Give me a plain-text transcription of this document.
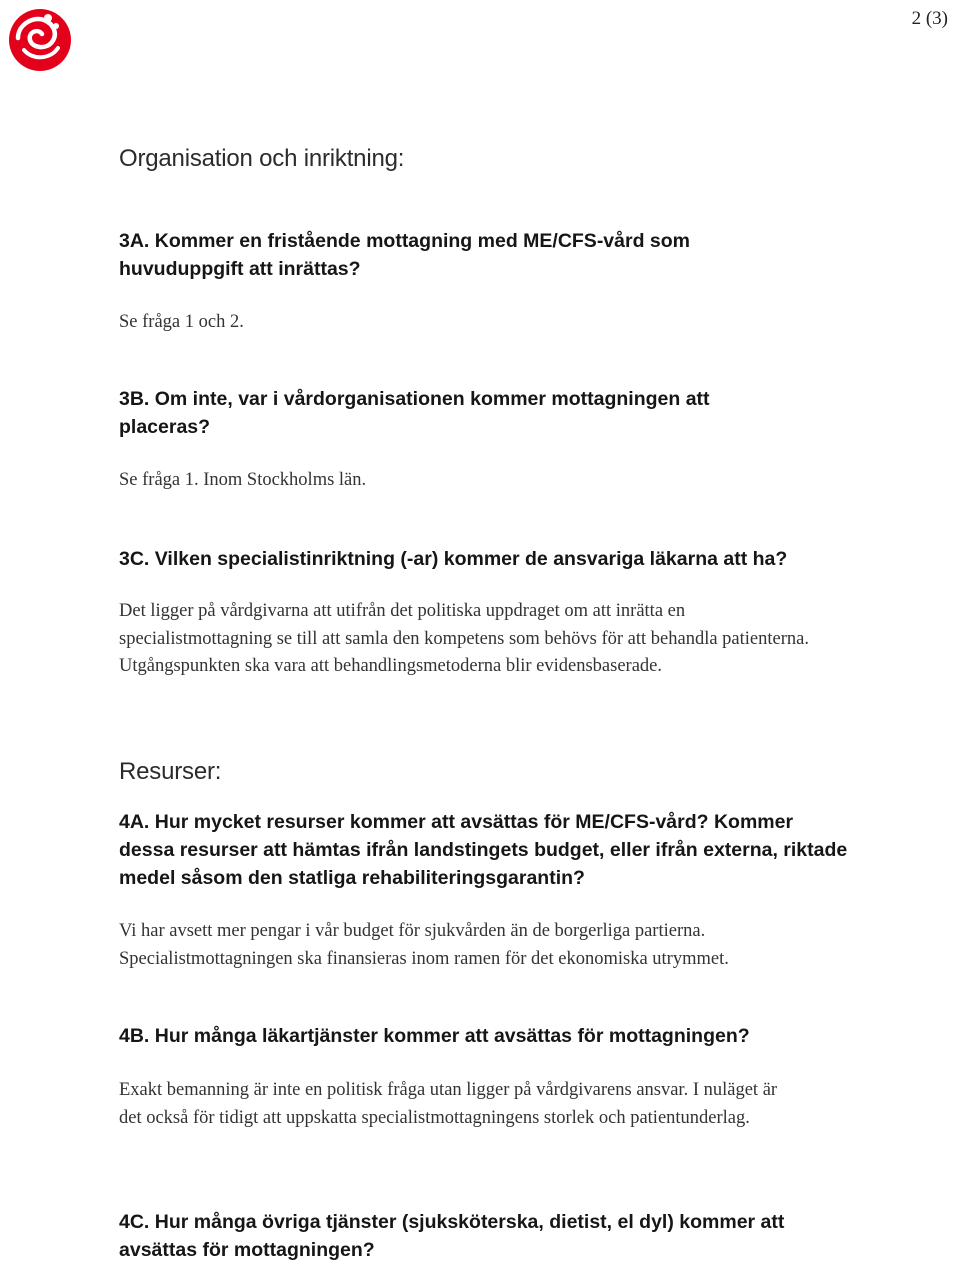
2 (3)
Organisation och inriktning:

3A. Kommer en fristående mottagning med ME/CFS-vård som huvuduppgift att inrättas?

Se fråga 1 och 2.

3B. Om inte, var i vårdorganisationen kommer mottagningen att placeras?

Se fråga 1. Inom Stockholms län.

3C. Vilken specialistinriktning (-ar) kommer de ansvariga läkarna att ha?

Det ligger på vårdgivarna att utifrån det politiska uppdraget om att inrätta en specialistmottagning se till att samla den kompetens som behövs för att behandla patienterna. Utgångspunkten ska vara att behandlingsmetoderna blir evidensbaserade.

Resurser:

4A. Hur mycket resurser kommer att avsättas för ME/CFS-vård? Kommer dessa resurser att hämtas ifrån landstingets budget, eller ifrån externa, riktade medel såsom den statliga rehabiliteringsgarantin?

Vi har avsett mer pengar i vår budget för sjukvården än de borgerliga partierna. Specialistmottagningen ska finansieras inom ramen för det ekonomiska utrymmet.

4B. Hur många läkartjänster kommer att avsättas för mottagningen?

Exakt bemanning är inte en politisk fråga utan ligger på vårdgivarens ansvar. I nuläget är det också för tidigt att uppskatta specialistmottagningens storlek och patientunderlag.

4C. Hur många övriga tjänster (sjuksköterska, dietist, el dyl) kommer att avsättas för mottagningen?
